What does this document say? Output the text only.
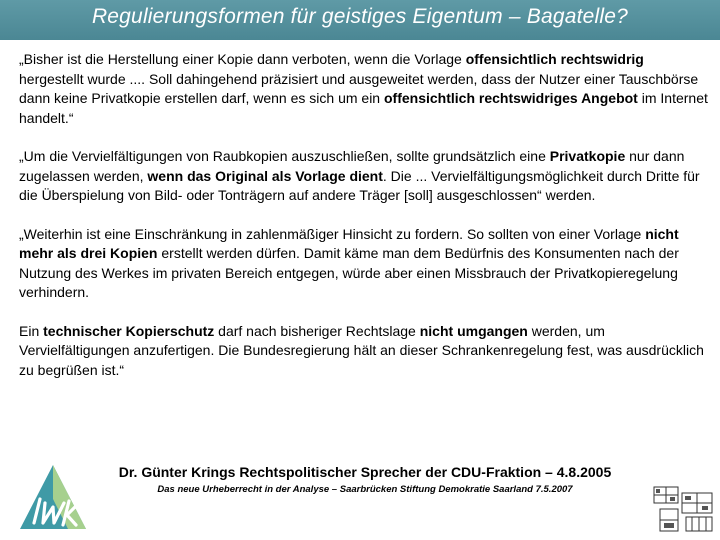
Regulierungsformen für geistiges Eigentum – Bagatelle?

„Bisher ist die Herstellung einer Kopie dann verboten, wenn die Vorlage offensichtlich rechtswidrig hergestellt wurde .... Soll dahingehend präzisiert und ausgeweitet werden, dass der Nutzer einer Tauschbörse dann keine Privatkopie erstellen darf, wenn es sich um ein offensichtlich rechtswidriges Angebot im Internet handelt.“

„Um die Vervielfältigungen von Raubkopien auszuschließen, sollte grundsätzlich eine Privatkopie nur dann zugelassen werden, wenn das Original als Vorlage dient. Die ... Vervielfältigungsmöglichkeit durch Dritte für die Überspielung von Bild- oder Tonträgern auf andere Träger [soll] ausgeschlossen“ werden.

„Weiterhin ist eine Einschränkung in zahlenmäßiger Hinsicht zu fordern. So sollten von einer Vorlage nicht mehr als drei Kopien erstellt werden dürfen. Damit käme man dem Bedürfnis des Konsumenten nach der Nutzung des Werkes im privaten Bereich entgegen, würde aber einen Missbrauch der Privatkopieregelung verhindern.

Ein technischer Kopierschutz darf nach bisheriger Rechtslage nicht umgangen werden, um Vervielfältigungen anzufertigen. Die Bundesregierung hält an dieser Schrankenregelung fest, was ausdrücklich zu begrüßen ist.“

Dr. Günter Krings Rechtspolitischer Sprecher der CDU-Fraktion – 4.8.2005

Das neue Urheberrecht in der Analyse – Saarbrücken Stiftung Demokratie Saarland 7.5.2007
